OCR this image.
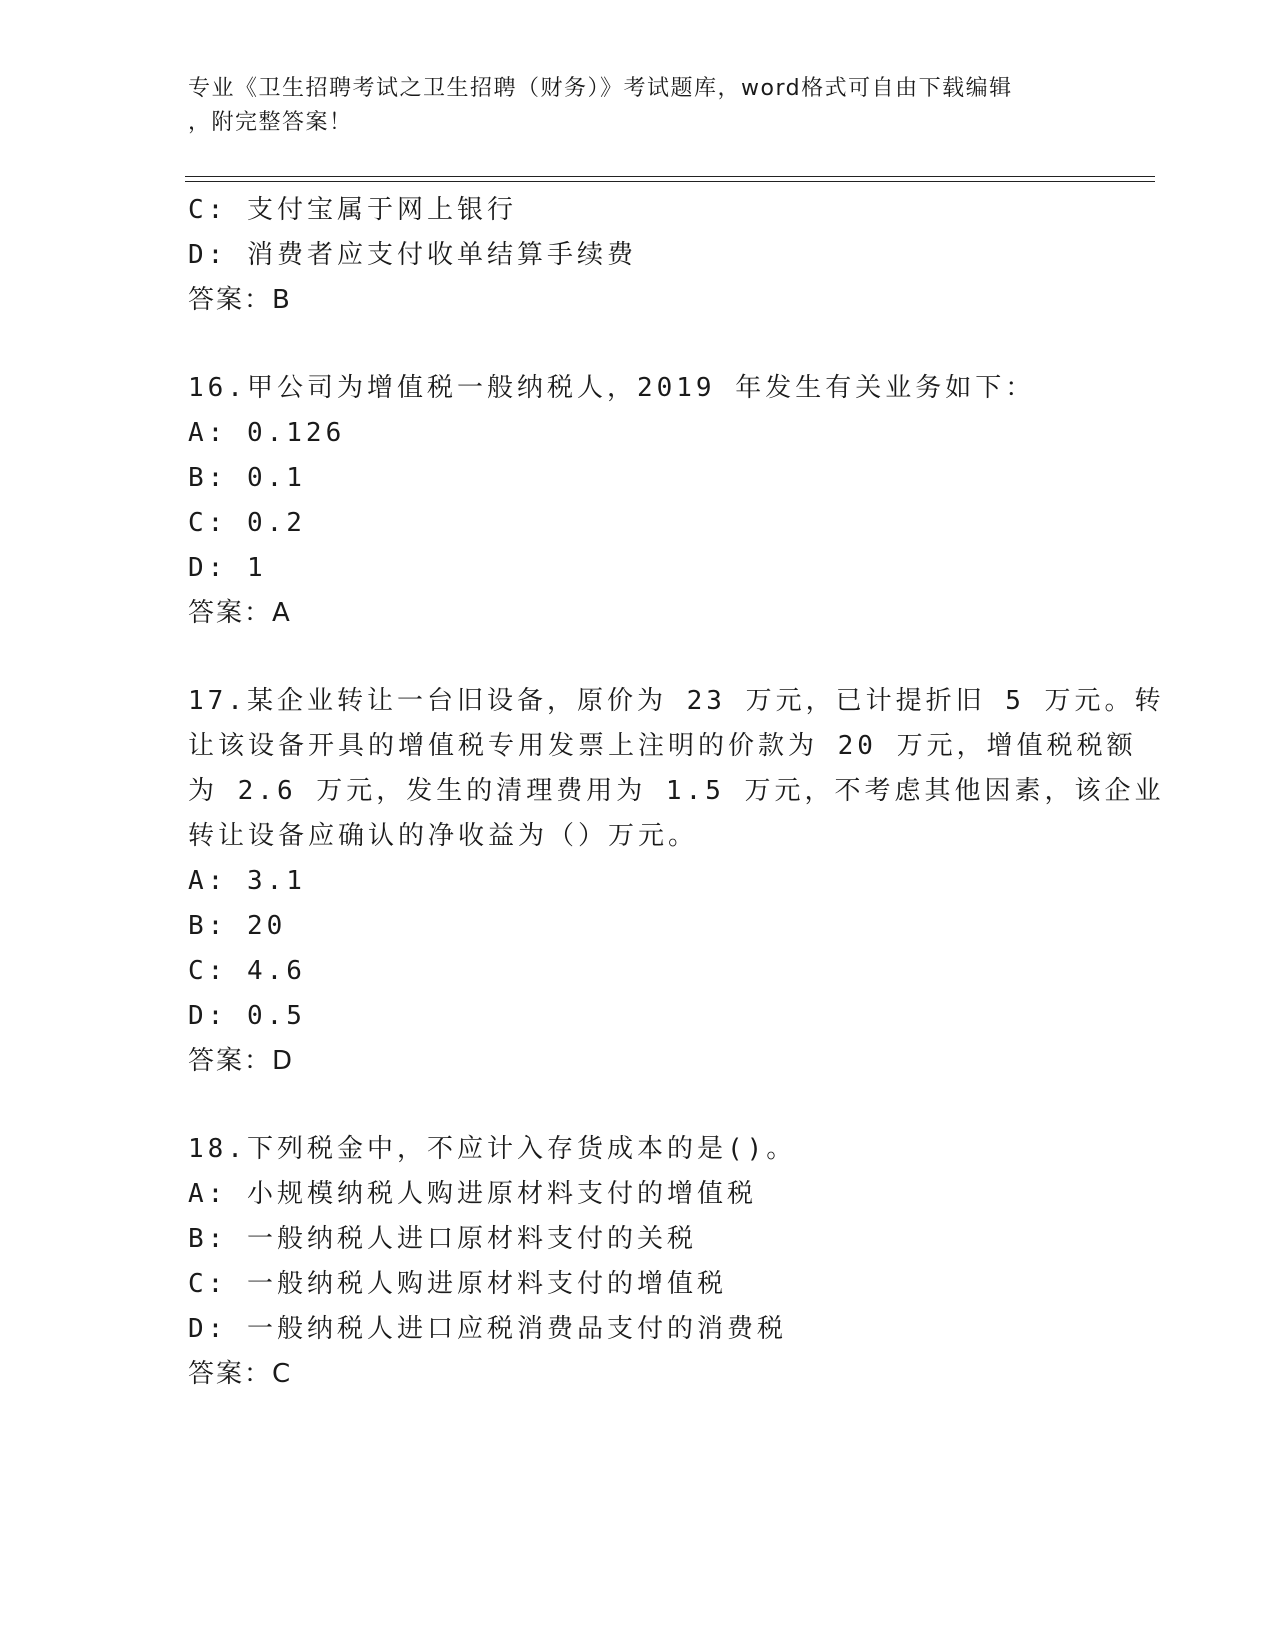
专业《卫生招聘考试之卫生招聘（财务）》考试题库，word格式可自由下载编辑
，附完整答案！
C: 支付宝属于网上银行
D: 消费者应支付收单结算手续费
答案：B
16.甲公司为增值税一般纳税人，2019 年发生有关业务如下：
A: 0.126
B: 0.1
C: 0.2
D: 1
答案：A
17.某企业转让一台旧设备，原价为 23 万元，已计提折旧 5 万元。转
让该设备开具的增值税专用发票上注明的价款为 20 万元，增值税税额
为 2.6 万元，发生的清理费用为 1.5 万元，不考虑其他因素，该企业
转让设备应确认的净收益为（）万元。
A: 3.1
B: 20
C: 4.6
D: 0.5
答案：D
18.下列税金中，不应计入存货成本的是()。
A: 小规模纳税人购进原材料支付的增值税
B: 一般纳税人进口原材料支付的关税
C: 一般纳税人购进原材料支付的增值税
D: 一般纳税人进口应税消费品支付的消费税
答案：C
